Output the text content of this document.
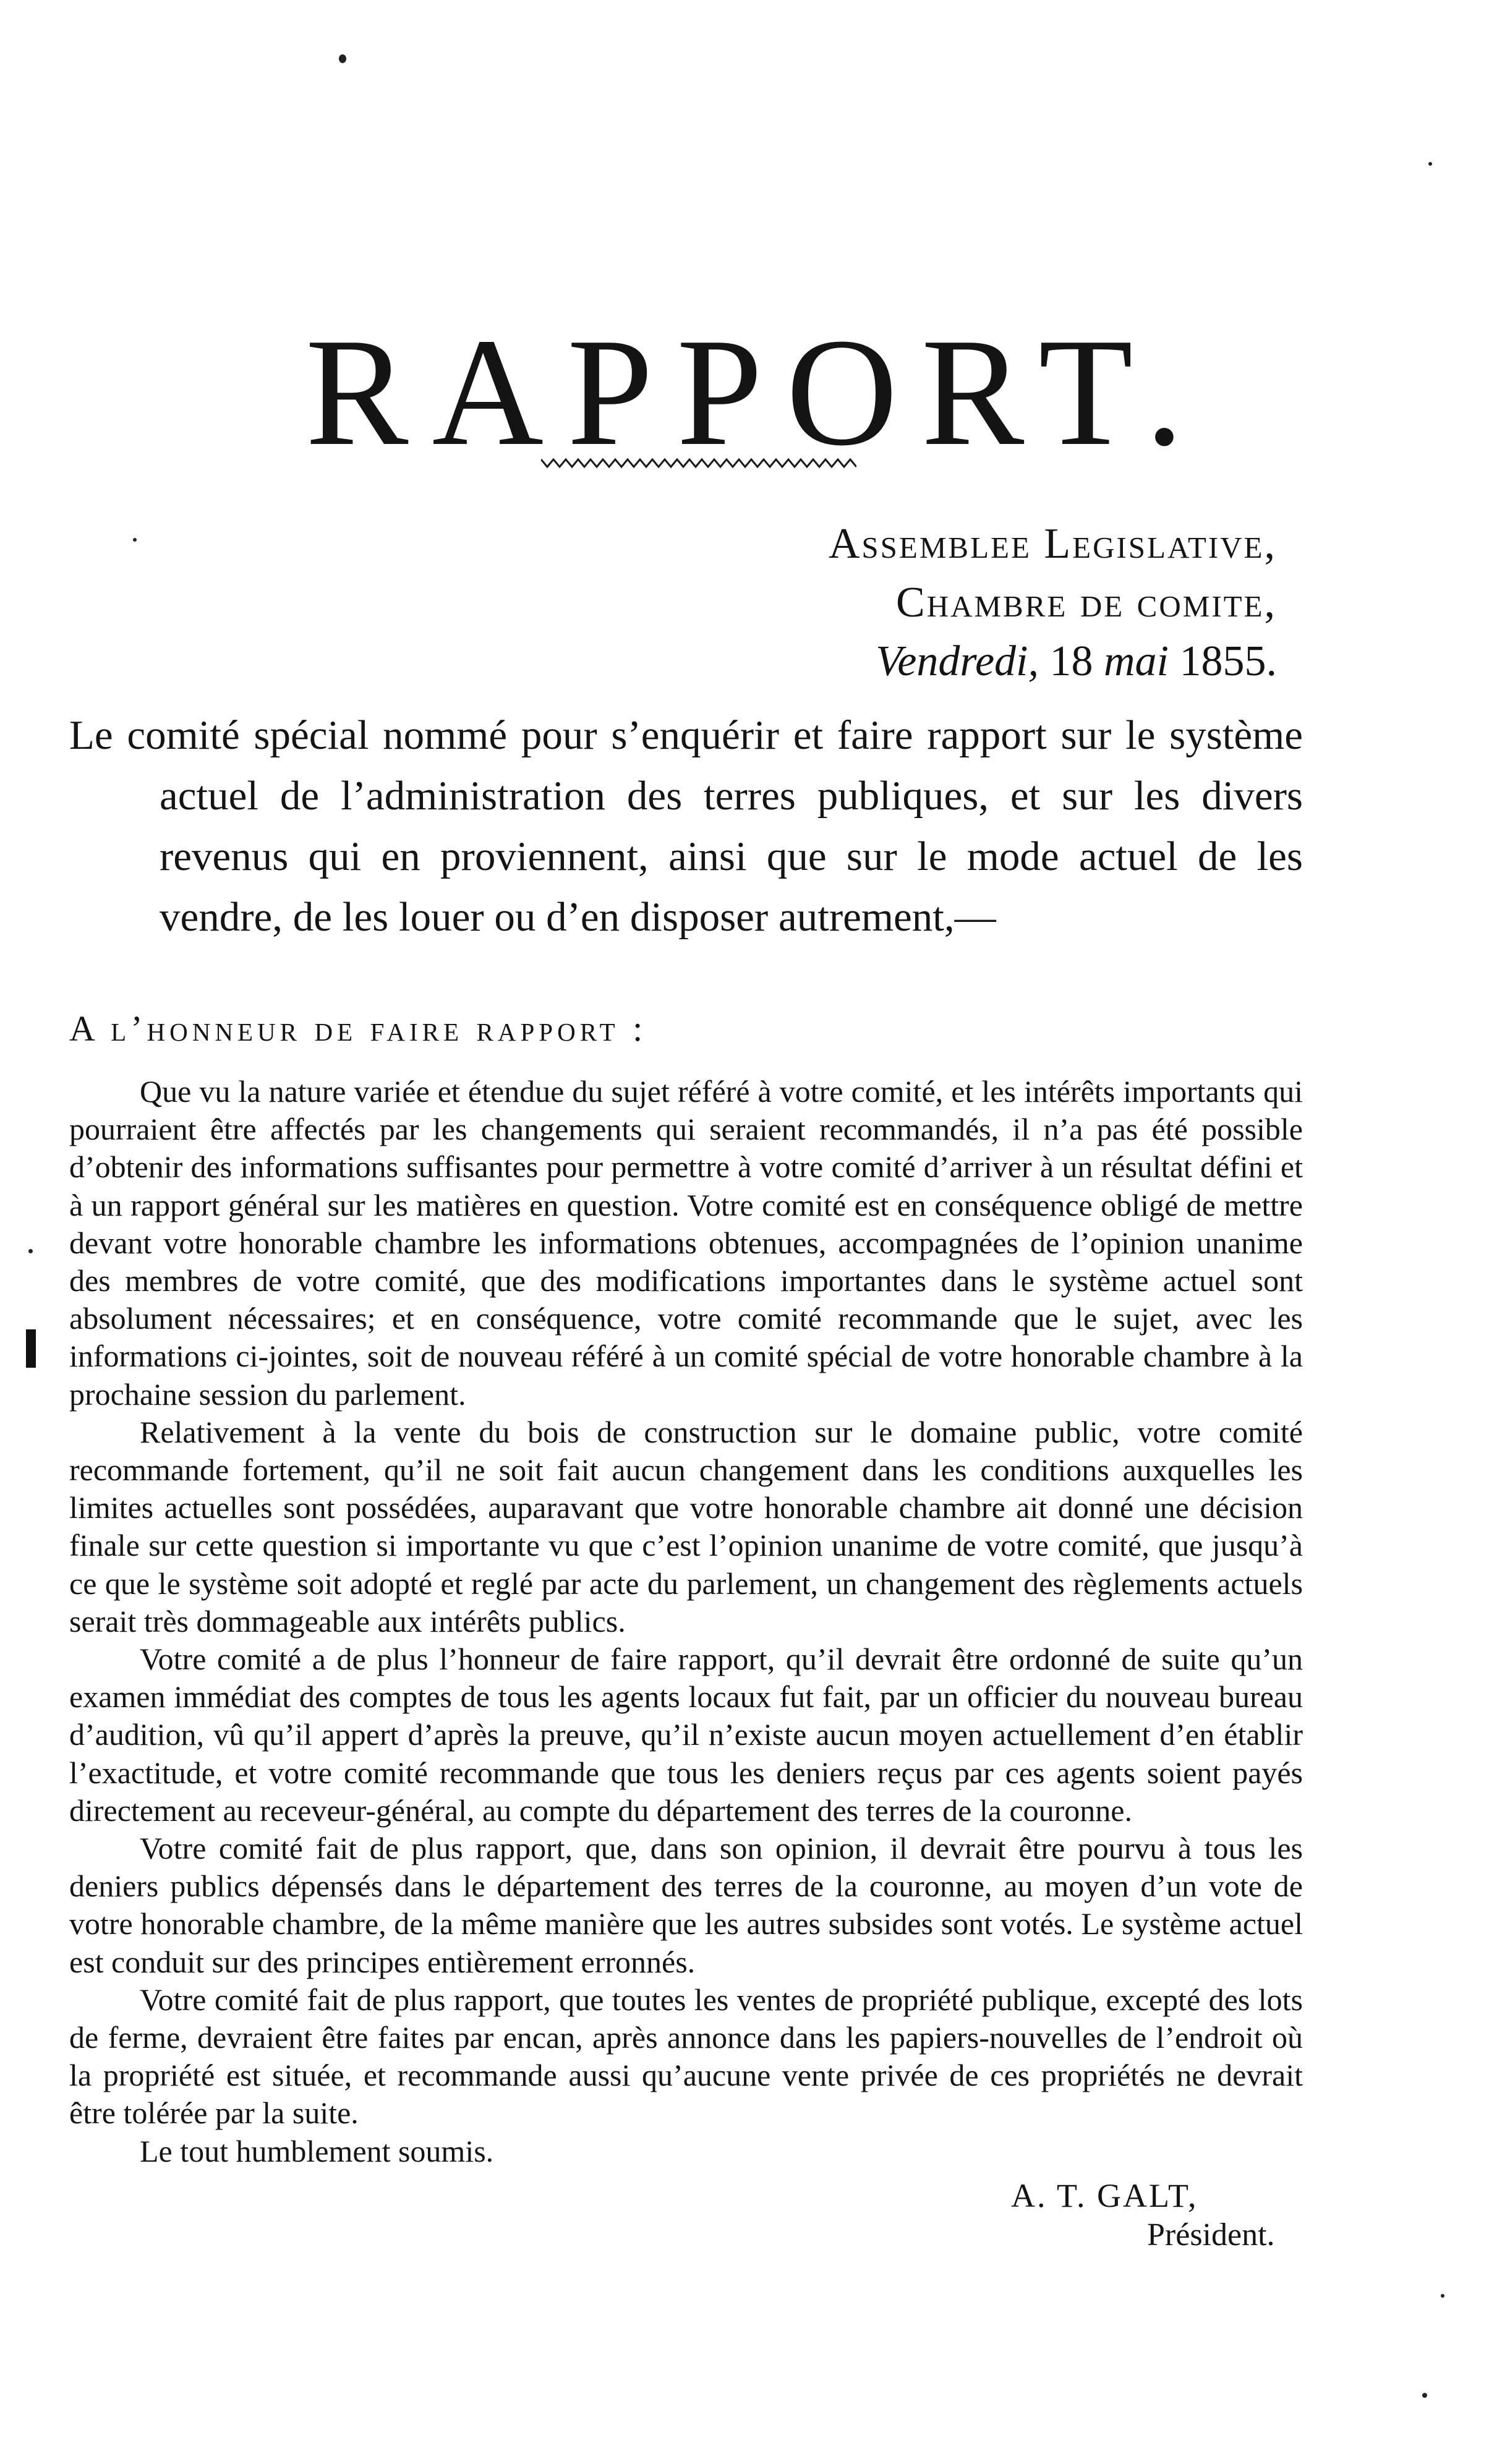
RAPPORT.
Assemblee Legislative,
Chambre de comite,
Vendredi, 18 mai 1855.

Le comité spécial nommé pour s’enquérir et faire rapport sur le système actuel de l’administration des terres publiques, et sur les divers revenus qui en proviennent, ainsi que sur le mode actuel de les vendre, de les louer ou d’en disposer autrement,—

A l’honneur de faire rapport :

Que vu la nature variée et étendue du sujet référé à votre comité, et les intérêts importants qui pourraient être affectés par les changements qui seraient recommandés, il n’a pas été possible d’obtenir des informations suffisantes pour permettre à votre comité d’arriver à un résultat défini et à un rapport général sur les matières en question. Votre comité est en conséquence obligé de mettre devant votre honorable chambre les informations obtenues, accompagnées de l’opinion unanime des membres de votre comité, que des modifications importantes dans le système actuel sont absolument nécessaires; et en conséquence, votre comité recommande que le sujet, avec les informations ci-jointes, soit de nouveau référé à un comité spécial de votre honorable chambre à la prochaine session du parlement.

Relativement à la vente du bois de construction sur le domaine public, votre comité recommande fortement, qu’il ne soit fait aucun changement dans les conditions auxquelles les limites actuelles sont possédées, auparavant que votre honorable chambre ait donné une décision finale sur cette question si importante vu que c’est l’opinion unanime de votre comité, que jusqu’à ce que le système soit adopté et reglé par acte du parlement, un changement des règlements actuels serait très dommageable aux intérêts publics.

Votre comité a de plus l’honneur de faire rapport, qu’il devrait être ordonné de suite qu’un examen immédiat des comptes de tous les agents locaux fut fait, par un officier du nouveau bureau d’audition, vû qu’il appert d’après la preuve, qu’il n’existe aucun moyen actuellement d’en établir l’exactitude, et votre comité recommande que tous les deniers reçus par ces agents soient payés directement au receveur-général, au compte du département des terres de la couronne.

Votre comité fait de plus rapport, que, dans son opinion, il devrait être pourvu à tous les deniers publics dépensés dans le département des terres de la couronne, au moyen d’un vote de votre honorable chambre, de la même manière que les autres subsides sont votés. Le système actuel est conduit sur des principes entièrement erronnés.

Votre comité fait de plus rapport, que toutes les ventes de propriété publique, excepté des lots de ferme, devraient être faites par encan, après annonce dans les papiers-nouvelles de l’endroit où la propriété est située, et recommande aussi qu’aucune vente privée de ces propriétés ne devrait être tolérée par la suite.

Le tout humblement soumis.

A. T. GALT,
Président.
